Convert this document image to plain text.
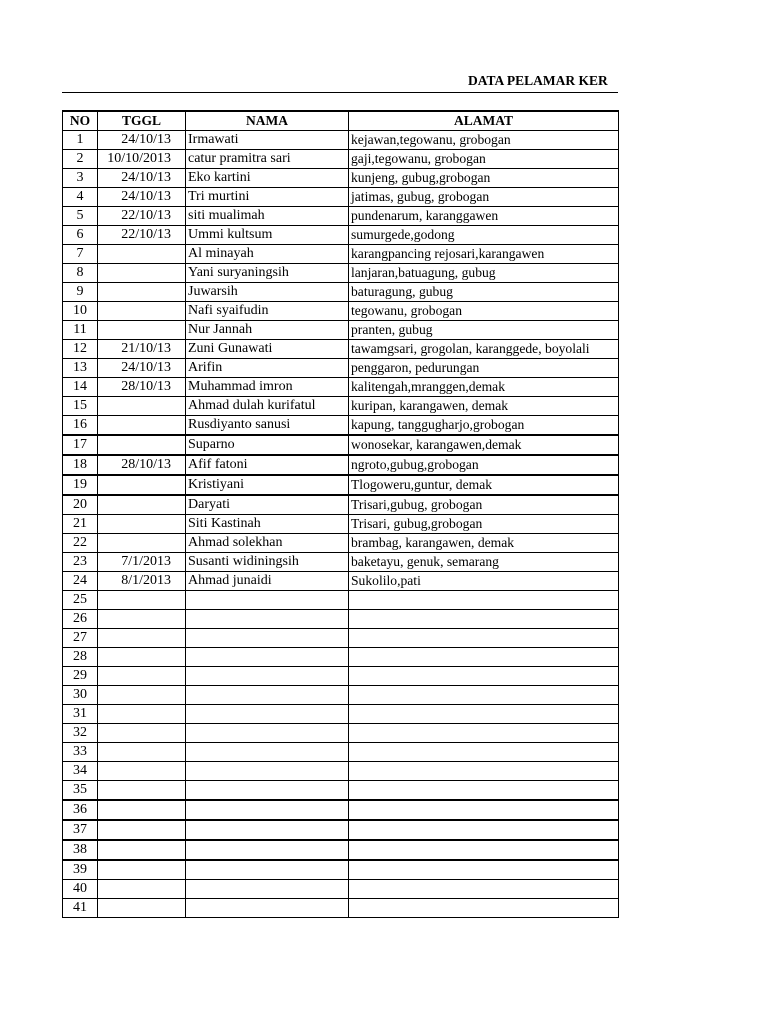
DATA PELAMAR KER
NO	TGGL	NAMA	ALAMAT
1	24/10/13	Irmawati	kejawan,tegowanu, grobogan
2	10/10/2013	catur pramitra sari	gaji,tegowanu, grobogan
3	24/10/13	Eko kartini	kunjeng, gubug,grobogan
4	24/10/13	Tri murtini	jatimas, gubug, grobogan
5	22/10/13	siti mualimah	pundenarum, karanggawen
6	22/10/13	Ummi kultsum	sumurgede,godong
7		Al minayah	karangpancing rejosari,karangawen
8		Yani suryaningsih	lanjaran,batuagung, gubug
9		Juwarsih	baturagung, gubug
10		Nafi syaifudin	tegowanu, grobogan
11		Nur Jannah	pranten, gubug
12	21/10/13	Zuni Gunawati	tawamgsari, grogolan, karanggede, boyolali
13	24/10/13	Arifin	penggaron, pedurungan
14	28/10/13	Muhammad imron	kalitengah,mranggen,demak
15		Ahmad dulah kurifatul	kuripan, karangawen, demak
16		Rusdiyanto sanusi	kapung, tanggugharjo,grobogan
17		Suparno	wonosekar, karangawen,demak
18	28/10/13	Afif fatoni	ngroto,gubug,grobogan
19		Kristiyani	Tlogoweru,guntur, demak
20		Daryati	Trisari,gubug, grobogan
21		Siti Kastinah	Trisari, gubug,grobogan
22		Ahmad solekhan	brambag, karangawen, demak
23	7/1/2013	Susanti widiningsih	baketayu, genuk, semarang
24	8/1/2013	Ahmad junaidi	Sukolilo,pati
25			
26			
27			
28			
29			
30			
31			
32			
33			
34			
35			
36			
37			
38			
39			
40			
41			
